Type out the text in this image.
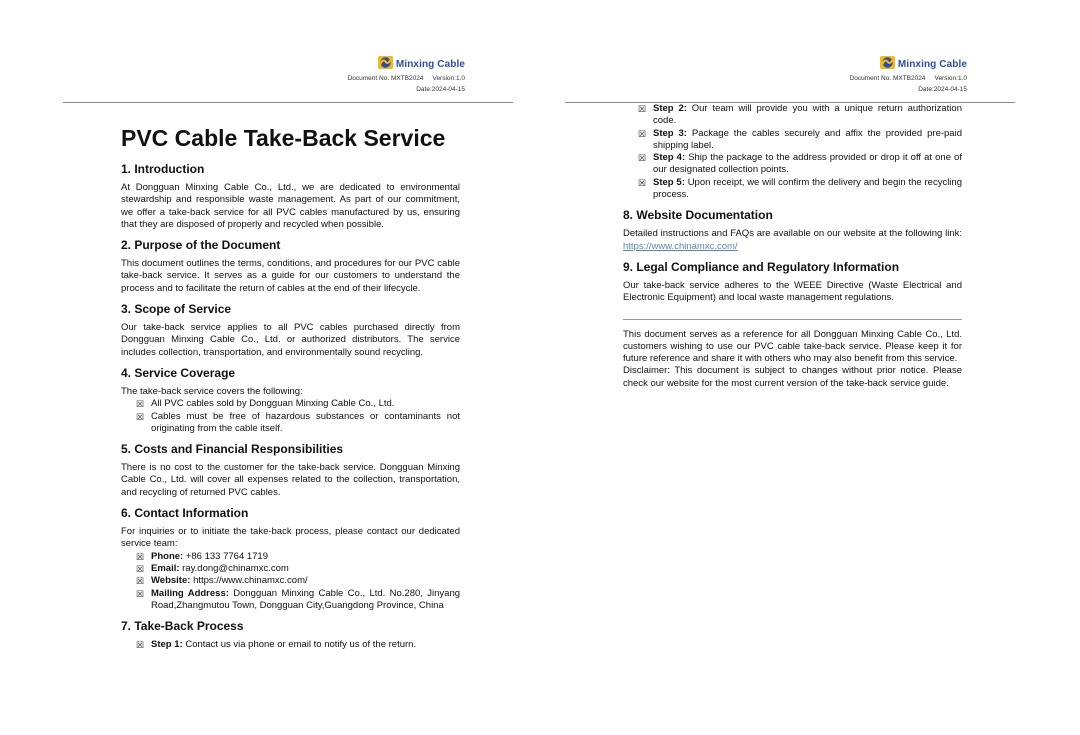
Minxing Cable
Document No. MXTB2024 Version:1.0
Date:2024-04-15
PVC Cable Take-Back Service
1. Introduction

At Dongguan Minxing Cable Co., Ltd., we are dedicated to environmental stewardship and responsible waste management. As part of our commitment, we offer a take-back service for all PVC cables manufactured by us, ensuring that they are disposed of properly and recycled when possible.

2. Purpose of the Document

This document outlines the terms, conditions, and procedures for our PVC cable take-back service. It serves as a guide for our customers to understand the process and to facilitate the return of cables at the end of their lifecycle.

3. Scope of Service

Our take-back service applies to all PVC cables purchased directly from Dongguan Minxing Cable Co., Ltd. or authorized distributors. The service includes collection, transportation, and environmentally sound recycling.

4. Service Coverage

The take-back service covers the following:

☒ All PVC cables sold by Dongguan Minxing Cable Co., Ltd.
☒ Cables must be free of hazardous substances or contaminants not originating from the cable itself.
5. Costs and Financial Responsibilities

There is no cost to the customer for the take-back service. Dongguan Minxing Cable Co., Ltd. will cover all expenses related to the collection, transportation, and recycling of returned PVC cables.

6. Contact Information

For inquiries or to initiate the take-back process, please contact our dedicated service team:

☒ Phone: +86 133 7764 1719
☒ Email: ray.dong@chinamxc.com
☒ Website: https://www.chinamxc.com/
☒ Mailing Address: Dongguan Minxing Cable Co., Ltd. No.280, Jinyang Road,Zhangmutou Town, Dongguan City,Guangdong Province, China
7. Take-Back Process
☒ Step 1: Contact us via phone or email to notify us of the return.
Minxing Cable
Document No. MXTB2024 Version:1.0
Date:2024-04-15
☒ Step 2: Our team will provide you with a unique return authorization code.
☒ Step 3: Package the cables securely and affix the provided pre-paid shipping label.
☒ Step 4: Ship the package to the address provided or drop it off at one of our designated collection points.
☒ Step 5: Upon receipt, we will confirm the delivery and begin the recycling process.
8. Website Documentation

Detailed instructions and FAQs are available on our website at the following link: https://www.chinamxc.com/

9. Legal Compliance and Regulatory Information

Our take-back service adheres to the WEEE Directive (Waste Electrical and Electronic Equipment) and local waste management regulations.

This document serves as a reference for all Dongguan Minxing Cable Co., Ltd. customers wishing to use our PVC cable take-back service. Please keep it for future reference and share it with others who may also benefit from this service.

Disclaimer: This document is subject to changes without prior notice. Please check our website for the most current version of the take-back service guide.
